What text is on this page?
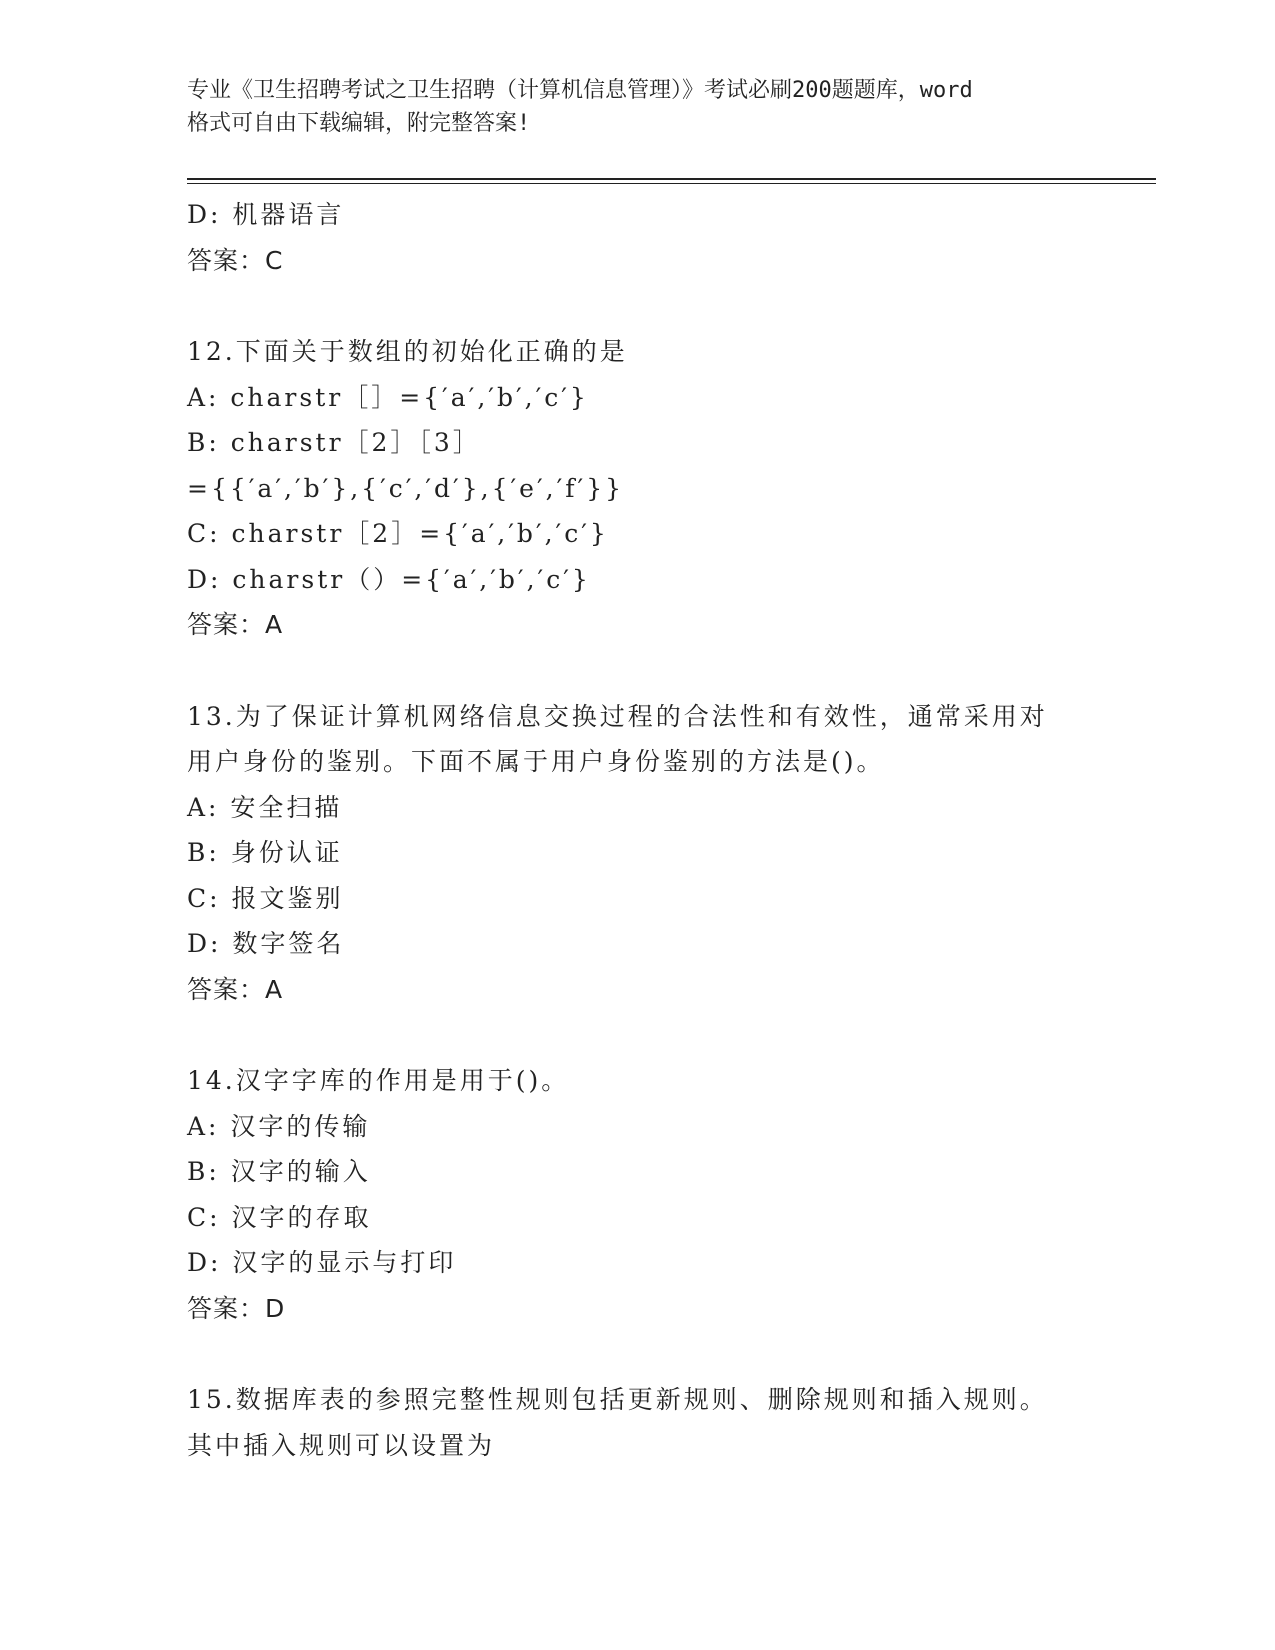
专业《卫生招聘考试之卫生招聘（计算机信息管理）》考试必刷200题题库，word
格式可自由下载编辑，附完整答案!
D: 机器语言
答案：C
12.下面关于数组的初始化正确的是
A: charstr［］={′a′,′b′,′c′}
B: charstr［2］［3］
={{′a′,′b′},{′c′,′d′},{′e′,′f′}}
C: charstr［2］={′a′,′b′,′c′}
D: charstr（）={′a′,′b′,′c′}
答案：A
13.为了保证计算机网络信息交换过程的合法性和有效性，通常采用对
用户身份的鉴别。下面不属于用户身份鉴别的方法是()。
A: 安全扫描
B: 身份认证
C: 报文鉴别
D: 数字签名
答案：A
14.汉字字库的作用是用于()。
A: 汉字的传输
B: 汉字的输入
C: 汉字的存取
D: 汉字的显示与打印
答案：D
15.数据库表的参照完整性规则包括更新规则、删除规则和插入规则。
其中插入规则可以设置为
